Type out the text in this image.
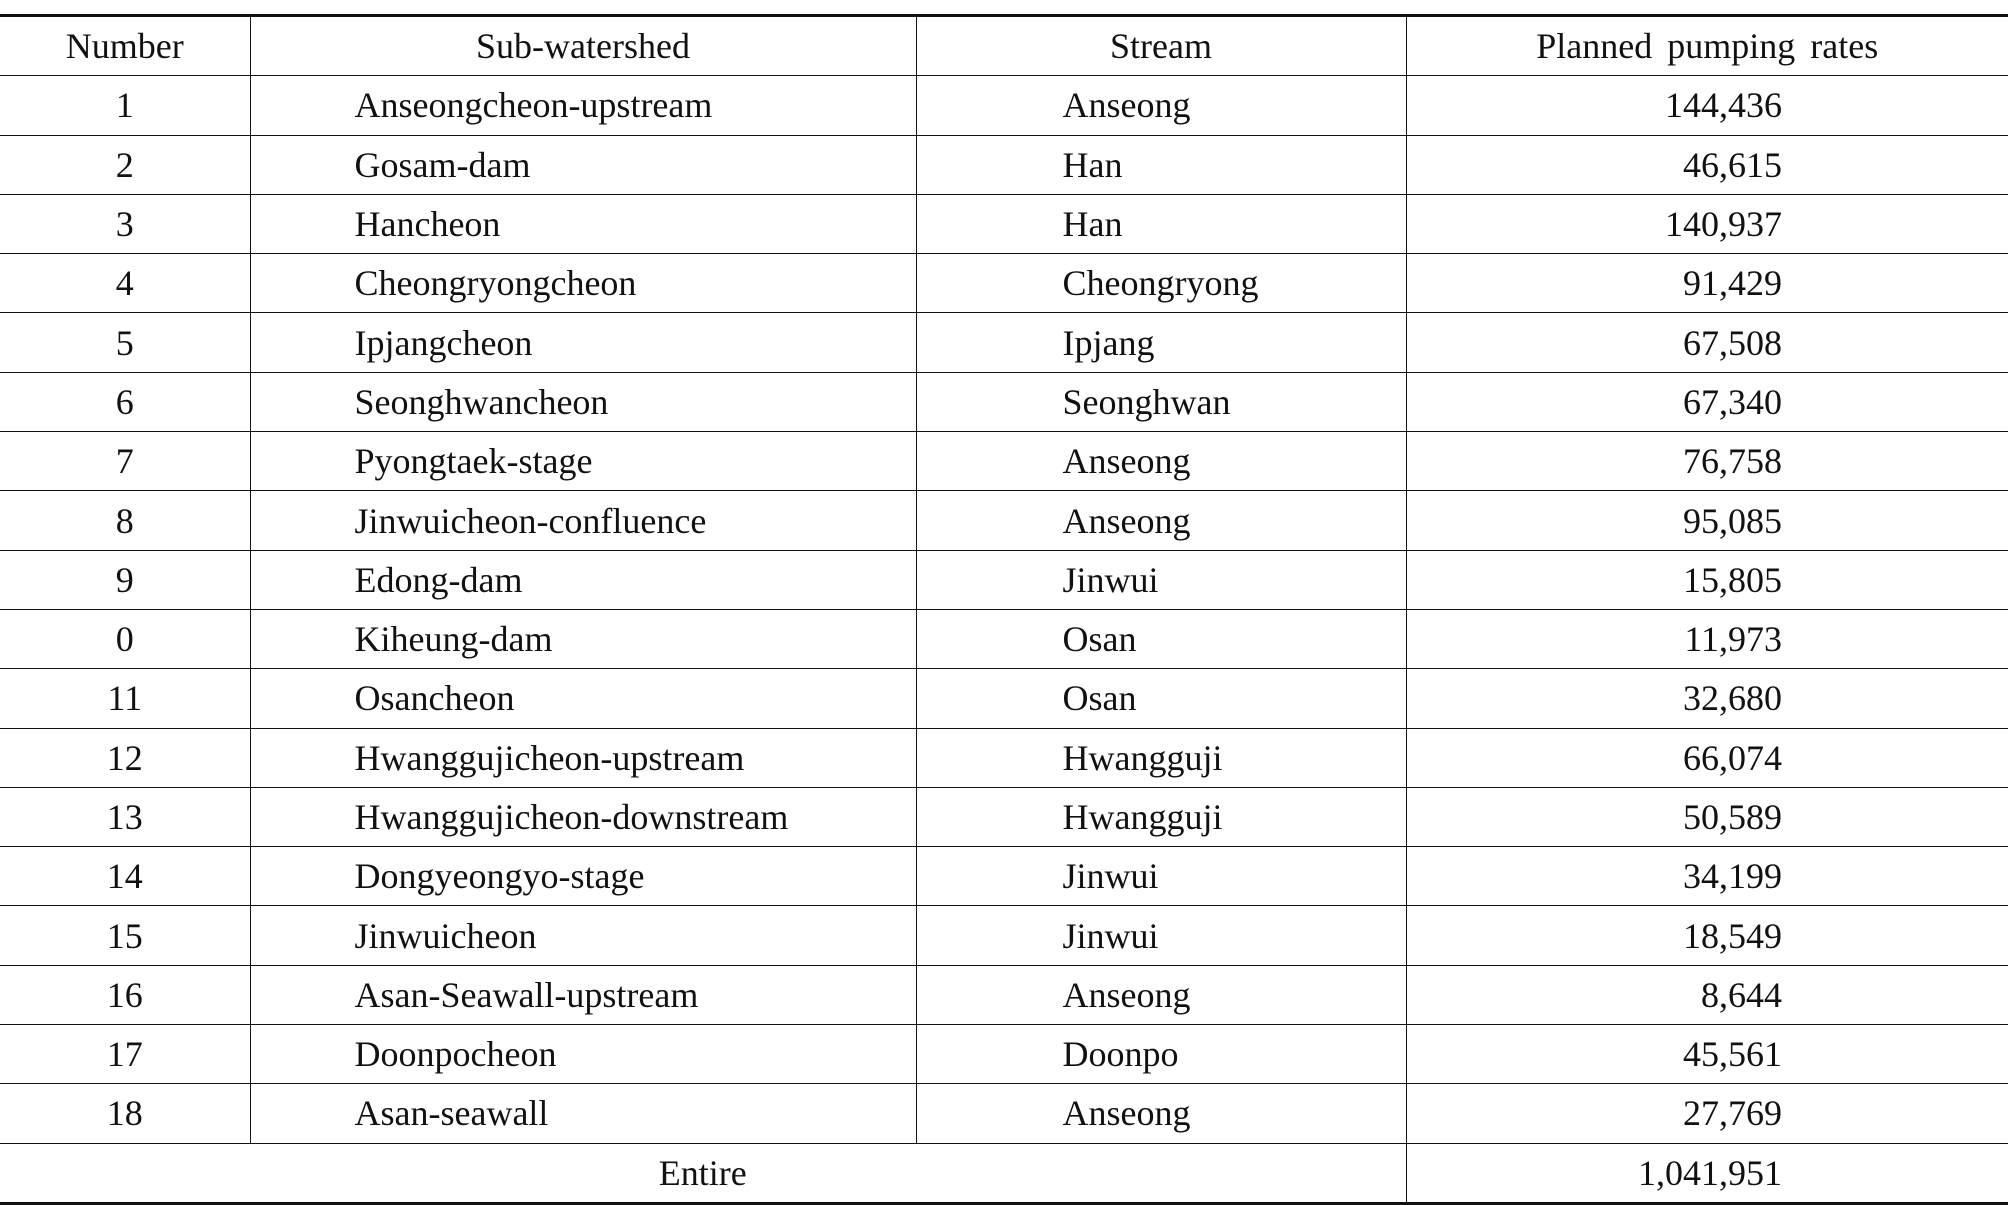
Number	Sub-watershed	Stream	Planned pumping rates
1	Anseongcheon-upstream	Anseong	144,436
2	Gosam-dam	Han	46,615
3	Hancheon	Han	140,937
4	Cheongryongcheon	Cheongryong	91,429
5	Ipjangcheon	Ipjang	67,508
6	Seonghwancheon	Seonghwan	67,340
7	Pyongtaek-stage	Anseong	76,758
8	Jinwuicheon-confluence	Anseong	95,085
9	Edong-dam	Jinwui	15,805
0	Kiheung-dam	Osan	11,973
11	Osancheon	Osan	32,680
12	Hwanggujicheon-upstream	Hwangguji	66,074
13	Hwanggujicheon-downstream	Hwangguji	50,589
14	Dongyeongyo-stage	Jinwui	34,199
15	Jinwuicheon	Jinwui	18,549
16	Asan-Seawall-upstream	Anseong	8,644
17	Doonpocheon	Doonpo	45,561
18	Asan-seawall	Anseong	27,769
Entire			1,041,951
